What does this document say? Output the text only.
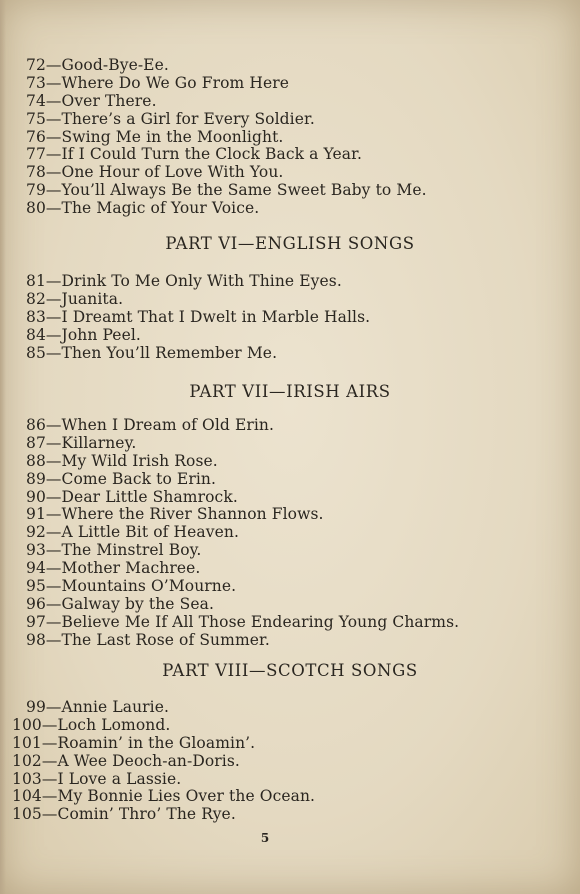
72—Good-Bye-Ee.
73—Where Do We Go From Here
74—Over There.
75—There’s a Girl for Every Soldier.
76—Swing Me in the Moonlight.
77—If I Could Turn the Clock Back a Year.
78—One Hour of Love With You.
79—You’ll Always Be the Same Sweet Baby to Me.
80—The Magic of Your Voice.
PART VI—ENGLISH SONGS
81—Drink To Me Only With Thine Eyes.
82—Juanita.
83—I Dreamt That I Dwelt in Marble Halls.
84—John Peel.
85—Then You’ll Remember Me.
PART VII—IRISH AIRS
86—When I Dream of Old Erin.
87—Killarney.
88—My Wild Irish Rose.
89—Come Back to Erin.
90—Dear Little Shamrock.
91—Where the River Shannon Flows.
92—A Little Bit of Heaven.
93—The Minstrel Boy.
94—Mother Machree.
95—Mountains O’Mourne.
96—Galway by the Sea.
97—Believe Me If All Those Endearing Young Charms.
98—The Last Rose of Summer.
PART VIII—SCOTCH SONGS
99—Annie Laurie.
100—Loch Lomond.
101—Roamin’ in the Gloamin’.
102—A Wee Deoch-an-Doris.
103—I Love a Lassie.
104—My Bonnie Lies Over the Ocean.
105—Comin’ Thro’ The Rye.
5
